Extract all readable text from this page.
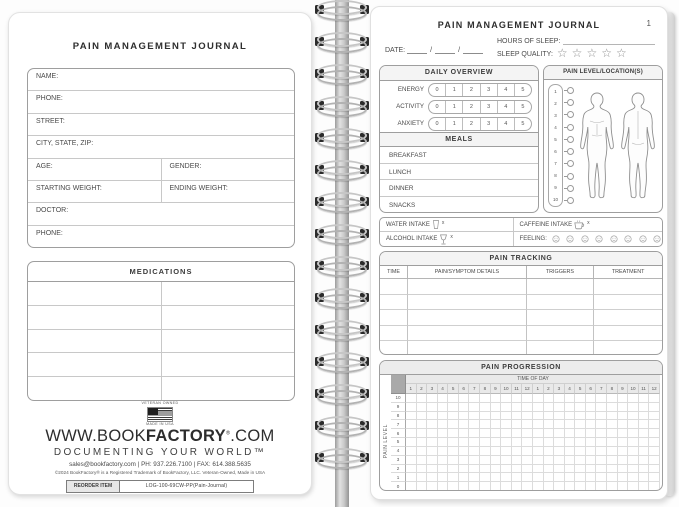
PAIN MANAGEMENT JOURNAL
NAME:
PHONE:
STREET:
CITY, STATE, ZIP:
AGE:	GENDER:
STARTING WEIGHT:	ENDING WEIGHT:
DOCTOR:
PHONE:
MEDICATIONS
VETERAN OWNED
MADE IN USA
WWW.BOOKFACTORY®.COM
DOCUMENTING YOUR WORLD™
sales@bookfactory.com | PH: 937.226.7100 | FAX: 614.388.5635
©2024 BookFactory® is a Registered Trademark of BookFactory, LLC. Veteran-Owned, Made in USA
REORDER ITEM	LOG-100-69CW-PP(Pain-Journal)
PAIN MANAGEMENT JOURNAL	1
DATE:	/	/
HOURS OF SLEEP:
SLEEP QUALITY: ☆☆☆☆☆
DAILY OVERVIEW
ENERGY	0	1	2	3	4	5
ACTIVITY	0	1	2	3	4	5
ANXIETY	0	1	2	3	4	5
MEALS
BREAKFAST
LUNCH
DINNER
SNACKS
PAIN LEVEL/LOCATION(S)
1
2
3
4
5
6
7
8
9
10
WATER INTAKE x	CAFFEINE INTAKE	x
ALCOHOL INTAKE	x	FEELING:
PAIN TRACKING
TIME	PAIN/SYMPTOM DETAILS	TRIGGERS	TREATMENT
PAIN PROGRESSION
PAIN LEVEL
TIME OF DAY
1	2	3	4	5	6	7	8	9	10	11	12	1	2	3	4	5	6	7	8	9	10	11	12
10
9
8
7
6
5
4
3
2
1
0
